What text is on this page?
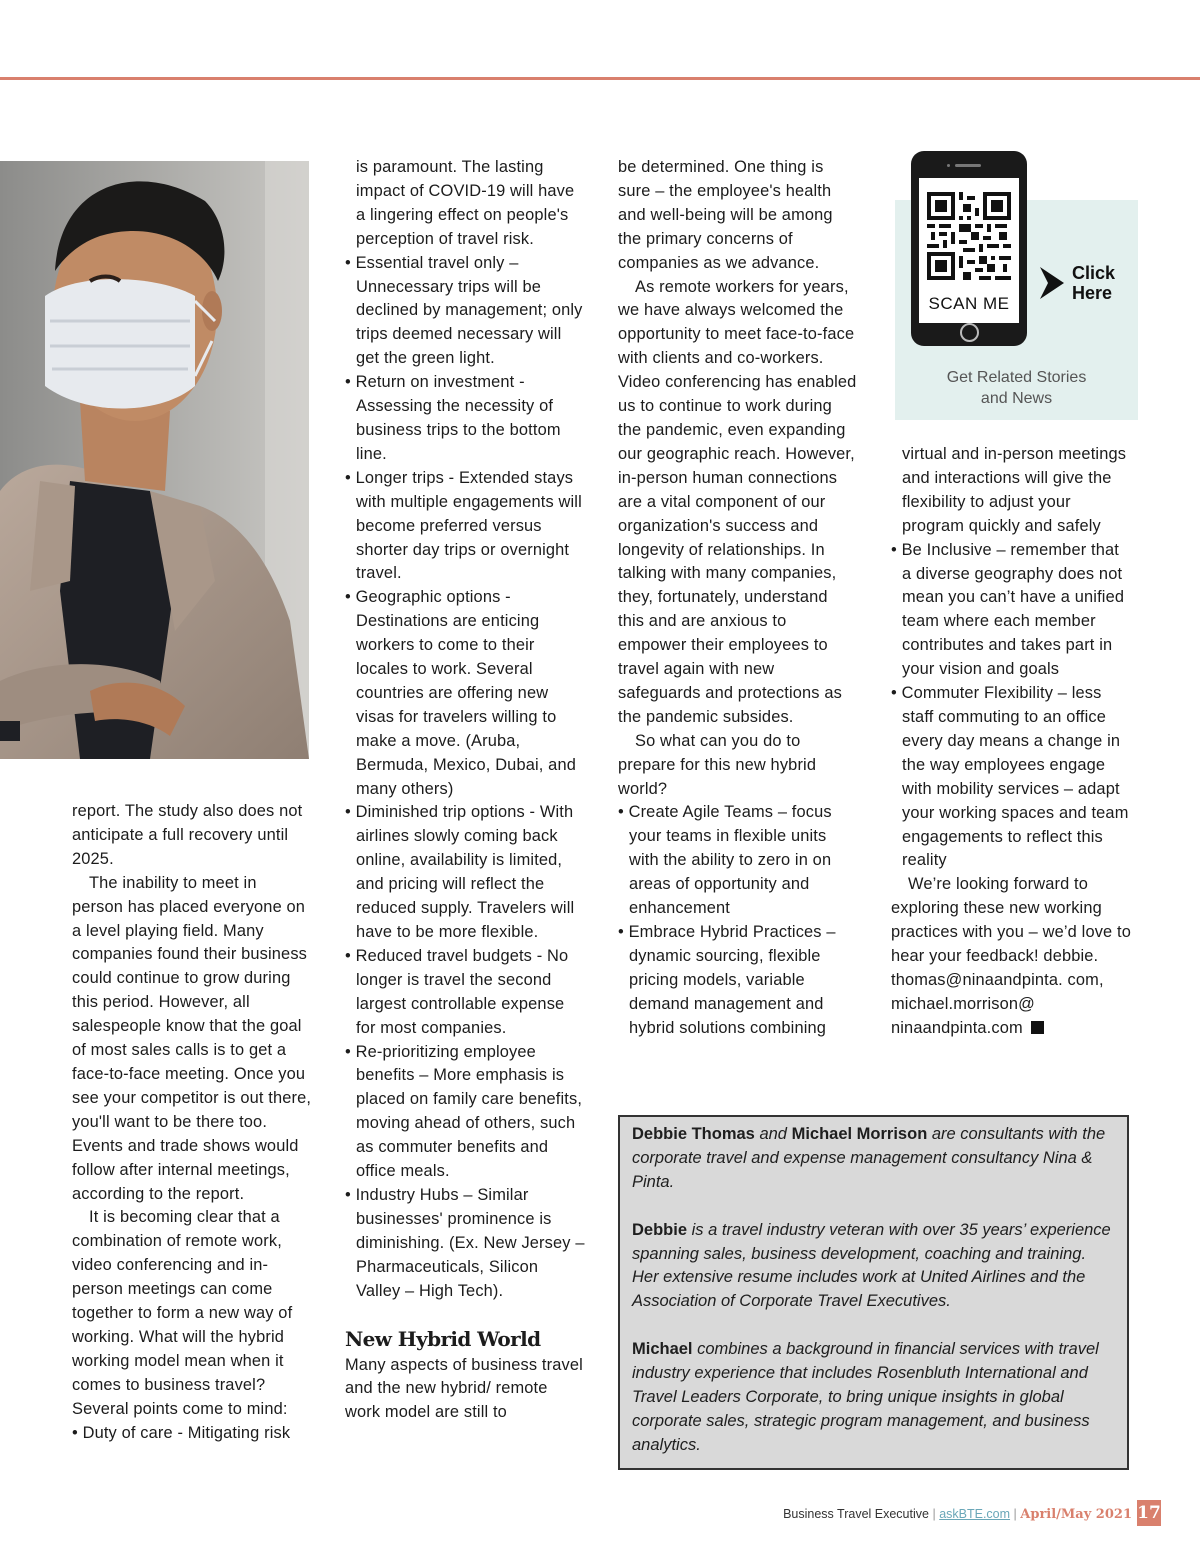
report. The study also does not anticipate a full recovery until 2025.

The inability to meet in person has placed everyone on a level playing field. Many companies found their business could continue to grow during this period. However, all salespeople know that the goal of most sales calls is to get a face-to-face meeting. Once you see your competitor is out there, you'll want to be there too. Events and trade shows would follow after internal meetings, according to the report.

It is becoming clear that a combination of remote work, video conferencing and in-person meetings can come together to form a new way of working. What will the hybrid working model mean when it comes to business travel? Several points come to mind:

• Duty of care - Mitigating risk

is paramount. The lasting impact of COVID-19 will have a lingering effect on people's perception of travel risk.

• Essential travel only – Unnecessary trips will be declined by management; only trips deemed necessary will get the green light.

• Return on investment - Assessing the necessity of business trips to the bottom line.

• Longer trips - Extended stays with multiple engagements will become preferred versus shorter day trips or overnight travel.

• Geographic options - Destinations are enticing workers to come to their locales to work. Several countries are offering new visas for travelers willing to make a move. (Aruba, Bermuda, Mexico, Dubai, and many others)

• Diminished trip options - With airlines slowly coming back online, availability is limited, and pricing will reflect the reduced supply. Travelers will have to be more flexible.

• Reduced travel budgets - No longer is travel the second largest controllable expense for most companies.

• Re-prioritizing employee benefits – More emphasis is placed on family care benefits, moving ahead of others, such as commuter benefits and office meals.

• Industry Hubs – Similar businesses' prominence is diminishing. (Ex. New Jersey – Pharmaceuticals, Silicon Valley – High Tech).

New Hybrid World

Many aspects of business travel and the new hybrid/ remote work model are still to

be determined. One thing is sure – the employee's health and well-being will be among the primary concerns of companies as we advance.

As remote workers for years, we have always welcomed the opportunity to meet face-to-face with clients and co-workers. Video conferencing has enabled us to continue to work during the pandemic, even expanding our geographic reach. However, in-person human connections are a vital component of our organization's success and longevity of relationships. In talking with many companies, they, fortunately, understand this and are anxious to empower their employees to travel again with new safeguards and protections as the pandemic subsides.

So what can you do to prepare for this new hybrid world?

• Create Agile Teams – focus your teams in flexible units with the ability to zero in on areas of opportunity and enhancement

• Embrace Hybrid Practices – dynamic sourcing, flexible pricing models, variable demand management and hybrid solutions combining

SCAN ME
Click
Here
Get Related Stories
and News

virtual and in-person meetings and interactions will give the flexibility to adjust your program quickly and safely

• Be Inclusive – remember that a diverse geography does not mean you can’t have a unified team where each member contributes and takes part in your vision and goals

• Commuter Flexibility – less staff commuting to an office every day means a change in the way employees engage with mobility services – adapt your working spaces and team engagements to reflect this reality

We’re looking forward to exploring these new working practices with you – we’d love to hear your feedback! debbie. thomas@ninaandpinta. com, michael.morrison@ ninaandpinta.com

Debbie Thomas and Michael Morrison are consultants with the corporate travel and expense management consultancy Nina & Pinta.

Debbie is a travel industry veteran with over 35 years’ experience spanning sales, business development, coaching and training. Her extensive resume includes work at United Airlines and the Association of Corporate Travel Executives.

Michael combines a background in financial services with travel industry experience that includes Rosenbluth International and Travel Leaders Corporate, to bring unique insights in global corporate sales, strategic program management, and business analytics.

Business Travel Executive | askBTE.com | April/May 2021 17
